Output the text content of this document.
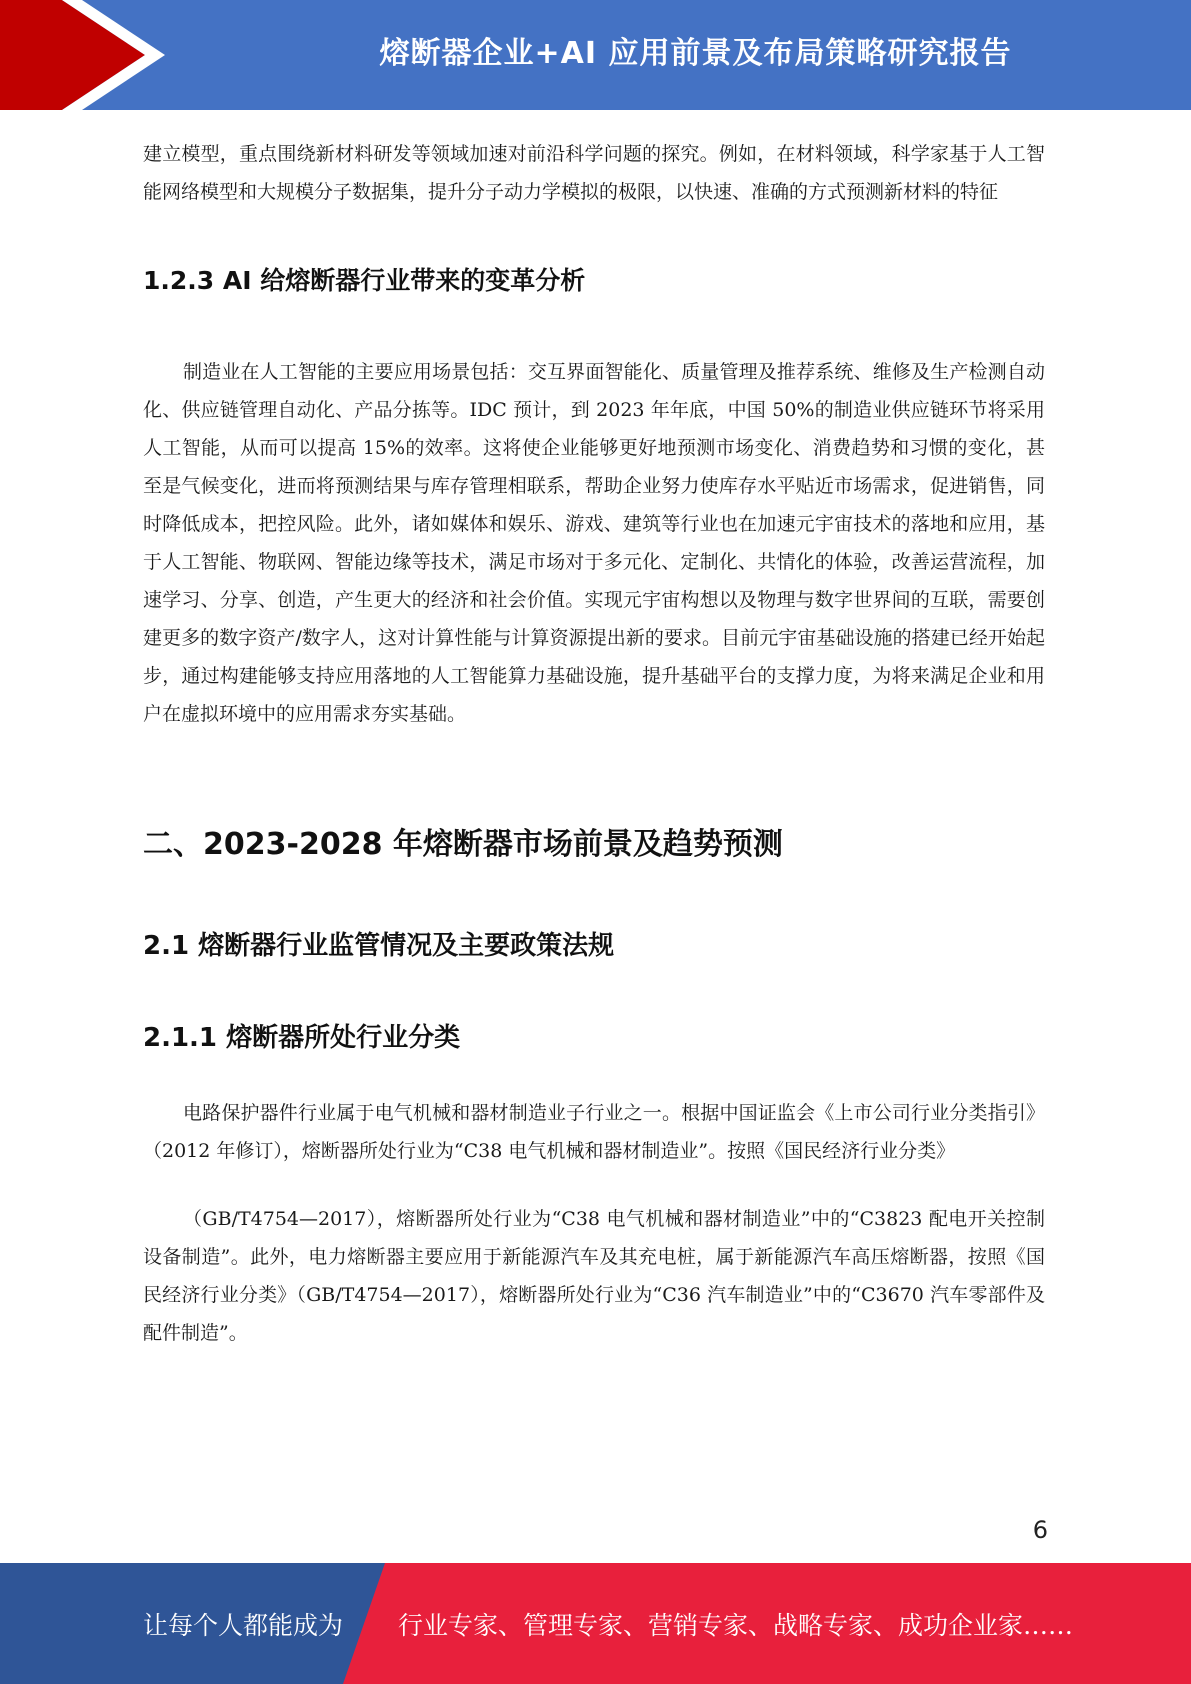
熔断器企业+AI 应用前景及布局策略研究报告

建立模型，重点围绕新材料研发等领域加速对前沿科学问题的探究。例如，在材料领域，科学家基于人工智能网络模型和大规模分子数据集，提升分子动力学模拟的极限，以快速、准确的方式预测新材料的特征

1.2.3 AI 给熔断器行业带来的变革分析

制造业在人工智能的主要应用场景包括：交互界面智能化、质量管理及推荐系统、维修及生产检测自动化、供应链管理自动化、产品分拣等。IDC 预计，到 2023 年年底，中国 50%的制造业供应链环节将采用人工智能，从而可以提高 15%的效率。这将使企业能够更好地预测市场变化、消费趋势和习惯的变化，甚至是气候变化，进而将预测结果与库存管理相联系，帮助企业努力使库存水平贴近市场需求，促进销售，同时降低成本，把控风险。此外，诸如媒体和娱乐、游戏、建筑等行业也在加速元宇宙技术的落地和应用，基于人工智能、物联网、智能边缘等技术，满足市场对于多元化、定制化、共情化的体验，改善运营流程，加速学习、分享、创造，产生更大的经济和社会价值。实现元宇宙构想以及物理与数字世界间的互联，需要创建更多的数字资产/数字人，这对计算性能与计算资源提出新的要求。目前元宇宙基础设施的搭建已经开始起步，通过构建能够支持应用落地的人工智能算力基础设施，提升基础平台的支撑力度，为将来满足企业和用户在虚拟环境中的应用需求夯实基础。

二、2023-2028 年熔断器市场前景及趋势预测
2.1 熔断器行业监管情况及主要政策法规
2.1.1 熔断器所处行业分类

电路保护器件行业属于电气机械和器材制造业子行业之一。根据中国证监会《上市公司行业分类指引》（2012 年修订），熔断器所处行业为“C38 电气机械和器材制造业”。按照《国民经济行业分类》

（GB/T4754—2017），熔断器所处行业为“C38 电气机械和器材制造业”中的“C3823 配电开关控制设备制造”。此外，电力熔断器主要应用于新能源汽车及其充电桩，属于新能源汽车高压熔断器，按照《国民经济行业分类》（GB/T4754—2017），熔断器所处行业为“C36 汽车制造业”中的“C3670 汽车零部件及配件制造”。

6
让每个人都能成为 行业专家、管理专家、营销专家、战略专家、成功企业家……
